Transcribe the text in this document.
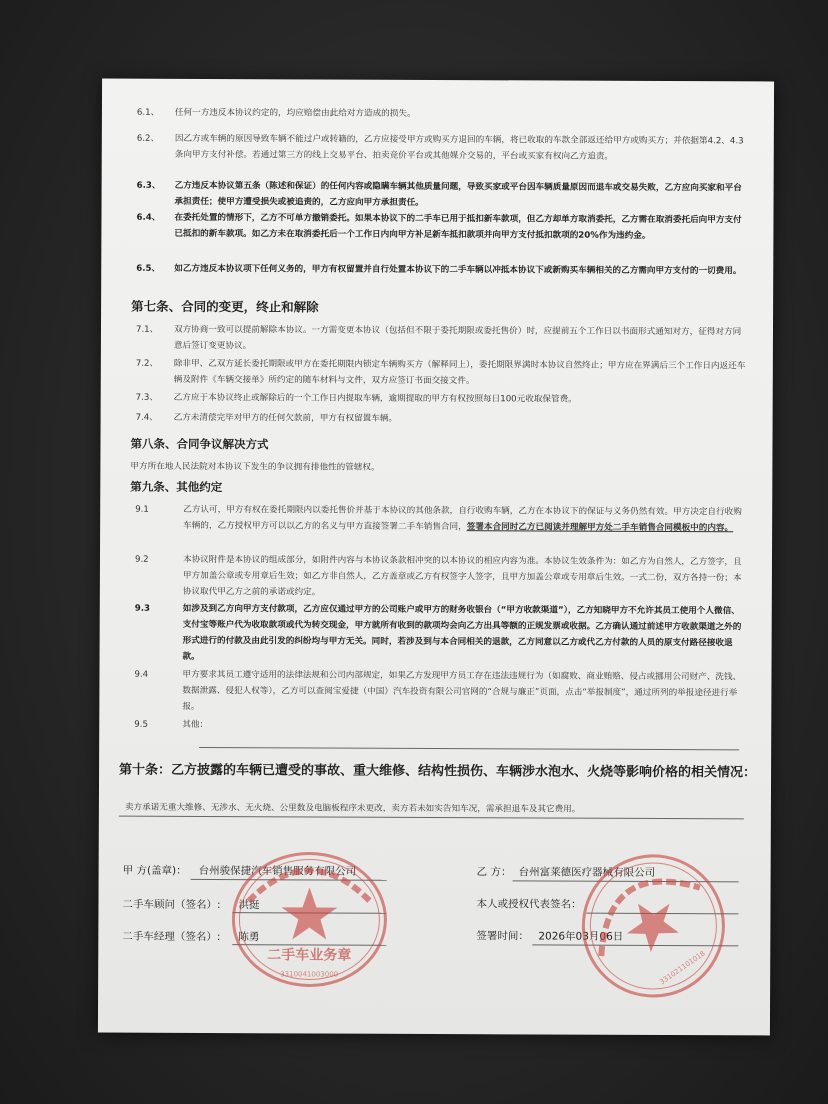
6.1、	任何一方违反本协议约定的，均应赔偿由此给对方造成的损失。
6.2、	因乙方或车辆的原因导致车辆不能过户或转籍的，乙方应接受甲方或购买方退回的车辆，将已收取的车款全部返还给甲方或购买方；并依据第4.2、4.3条向甲方支付补偿。若通过第三方的线上交易平台、拍卖竞价平台或其他媒介交易的，平台或买家有权向乙方追责。
6.3、	乙方违反本协议第五条（陈述和保证）的任何内容或隐瞒车辆其他质量问题，导致买家或平台因车辆质量原因而退车或交易失败，乙方应向买家和平台承担责任；使甲方遭受损失或被追责的，乙方应向甲方承担责任。
6.4、	在委托处置的情形下，乙方不可单方撤销委托。如果本协议下的二手车已用于抵扣新车款项，但乙方却单方取消委托，乙方需在取消委托后向甲方支付已抵扣的新车款项。如乙方未在取消委托后一个工作日内向甲方补足新车抵扣款项并向甲方支付抵扣款项的20%作为违约金。
6.5、	如乙方违反本协议项下任何义务的，甲方有权留置并自行处置本协议下的二手车辆以冲抵本协议下或新购买车辆相关的乙方需向甲方支付的一切费用。
第七条、合同的变更，终止和解除
7.1、	双方协商一致可以提前解除本协议。一方需变更本协议（包括但不限于委托期限或委托售价）时，应提前五个工作日以书面形式通知对方，征得对方同意后签订变更协议。
7.2、	除非甲、乙双方延长委托期限或甲方在委托期限内锁定车辆购买方（解释同上），委托期限界满时本协议自然终止；甲方应在界满后三个工作日内返还车辆及附件《车辆交接单》所约定的随车材料与文件，双方应签订书面交接文件。
7.3、	乙方应于本协议终止或解除后的一个工作日内提取车辆，逾期提取的甲方有权按照每日100元收取保管费。
7.4、	乙方未清偿完毕对甲方的任何欠款前，甲方有权留置车辆。
第八条、合同争议解决方式
甲方所在地人民法院对本协议下发生的争议拥有排他性的管辖权。
第九条、其他约定
9.1	乙方认可，甲方有权在委托期限内以委托售价并基于本协议的其他条款，自行收购车辆，乙方在本协议下的保证与义务仍然有效。甲方决定自行收购车辆的，乙方授权甲方可以以乙方的名义与甲方直接签署二手车销售合同，签署本合同时乙方已阅读并理解甲方处二手车销售合同模板中的内容。
9.2	本协议附件是本协议的组成部分，如附件内容与本协议条款相冲突的以本协议的相应内容为准。本协议生效条件为：如乙方为自然人，乙方签字，且甲方加盖公章或专用章后生效；如乙方非自然人，乙方盖章或乙方有权签字人签字，且甲方加盖公章或专用章后生效。一式二份，双方各持一份；本协议取代甲乙方之前的承诺或约定。
9.3	如涉及到乙方向甲方支付款项，乙方应仅通过甲方的公司账户或甲方的财务收银台（“甲方收款渠道”），乙方知晓甲方不允许其员工使用个人微信、支付宝等账户代为收取款项或代为转交现金，甲方就所有收到的款项均会向乙方出具等额的正规发票或收据。乙方确认通过前述甲方收款渠道之外的形式进行的付款及由此引发的纠纷均与甲方无关。同时，若涉及到与本合同相关的退款，乙方同意以乙方或代乙方付款的人员的原支付路径接收退款。
9.4	甲方要求其员工遵守适用的法律法规和公司内部规定，如果乙方发现甲方员工存在违法违规行为（如腐败、商业贿赂、侵占或挪用公司财产、洗钱、数据泄露、侵犯人权等），乙方可以查阅宝爱捷（中国）汽车投资有限公司官网的“合规与廉正”页面，点击“举报制度”，通过所列的举报途径进行举报。
9.5	其他：
第十条：乙方披露的车辆已遭受的事故、重大维修、结构性损伤、车辆涉水泡水、火烧等影响价格的相关情况：
卖方承诺无重大维修、无涉水、无火烧、公里数及电脑板程序未更改，卖方若未如实告知车况，需承担退车及其它费用。
甲 方(盖章)： 台州骏保捷汽车销售服务有限公司
二手车顾问（签名）: 洪挺
二手车经理（签名）: 陈勇
乙 方： 台州富莱德医疗器械有限公司
本人或授权代表签名：
签署时间： 2026年03月06日
二手车业务章
3310041003000	331021101018
